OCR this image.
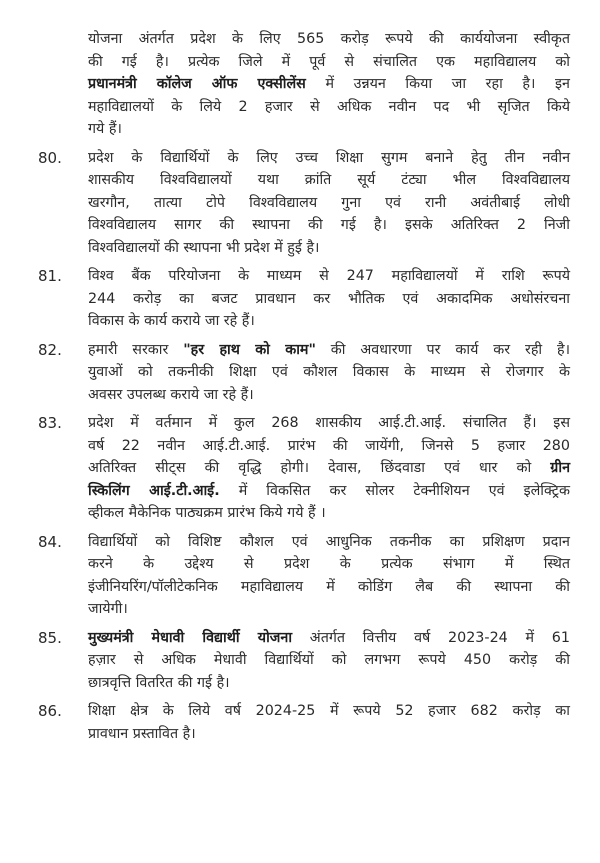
योजना अंतर्गत प्रदेश के लिए 565 करोड़ रूपये की कार्ययोजना स्वीकृत
की गई है। प्रत्येक जिले में पूर्व से संचालित एक महाविद्यालय को
प्रधानमंत्री कॉलेज ऑफ एक्सीलेंस में उन्नयन किया जा रहा है। इन
महाविद्यालयों के लिये 2 हजार से अधिक नवीन पद भी सृजित किये
गये हैं।
80. प्रदेश के विद्यार्थियों के लिए उच्च शिक्षा सुगम बनाने हेतु तीन नवीन
शासकीय विश्वविद्यालयों यथा क्रांति सूर्य टंट्या भील विश्वविद्यालय
खरगौन, तात्या टोपे विश्वविद्यालय गुना एवं रानी अवंतीबाई लोधी
विश्वविद्यालय सागर की स्थापना की गई है। इसके अतिरिक्त 2 निजी
विश्वविद्यालयों की स्थापना भी प्रदेश में हुई है।
81. विश्व बैंक परियोजना के माध्यम से 247 महाविद्यालयों में राशि रूपये
244 करोड़ का बजट प्रावधान कर भौतिक एवं अकादमिक अधोसंरचना
विकास के कार्य कराये जा रहे हैं।
82. हमारी सरकार "हर हाथ को काम" की अवधारणा पर कार्य कर रही है।
युवाओं को तकनीकी शिक्षा एवं कौशल विकास के माध्यम से रोजगार के
अवसर उपलब्ध कराये जा रहे हैं।
83. प्रदेश में वर्तमान में कुल 268 शासकीय आई.टी.आई. संचालित हैं। इस
वर्ष 22 नवीन आई.टी.आई. प्रारंभ की जायेंगी, जिनसे 5 हजार 280
अतिरिक्त सीट्स की वृद्धि होगी। देवास, छिंदवाडा एवं धार को ग्रीन
स्किलिंग आई.टी.आई. में विकसित कर सोलर टेक्नीशियन एवं इलेक्ट्रिक
व्हीकल मैकेनिक पाठ्यक्रम प्रारंभ किये गये हैं ।
84. विद्यार्थियों को विशिष्ट कौशल एवं आधुनिक तकनीक का प्रशिक्षण प्रदान
करने के उद्देश्य से प्रदेश के प्रत्येक संभाग में स्थित
इंजीनियरिंग/पॉलीटेकनिक महाविद्यालय में कोडिंग लैब की स्थापना की
जायेगी।
85. मुख्यमंत्री मेधावी विद्यार्थी योजना अंतर्गत वित्तीय वर्ष 2023-24 में 61
हज़ार से अधिक मेधावी विद्यार्थियों को लगभग रूपये 450 करोड़ की
छात्रवृत्ति वितरित की गई है।
86. शिक्षा क्षेत्र के लिये वर्ष 2024-25 में रूपये 52 हजार 682 करोड़ का
प्रावधान प्रस्तावित है।
